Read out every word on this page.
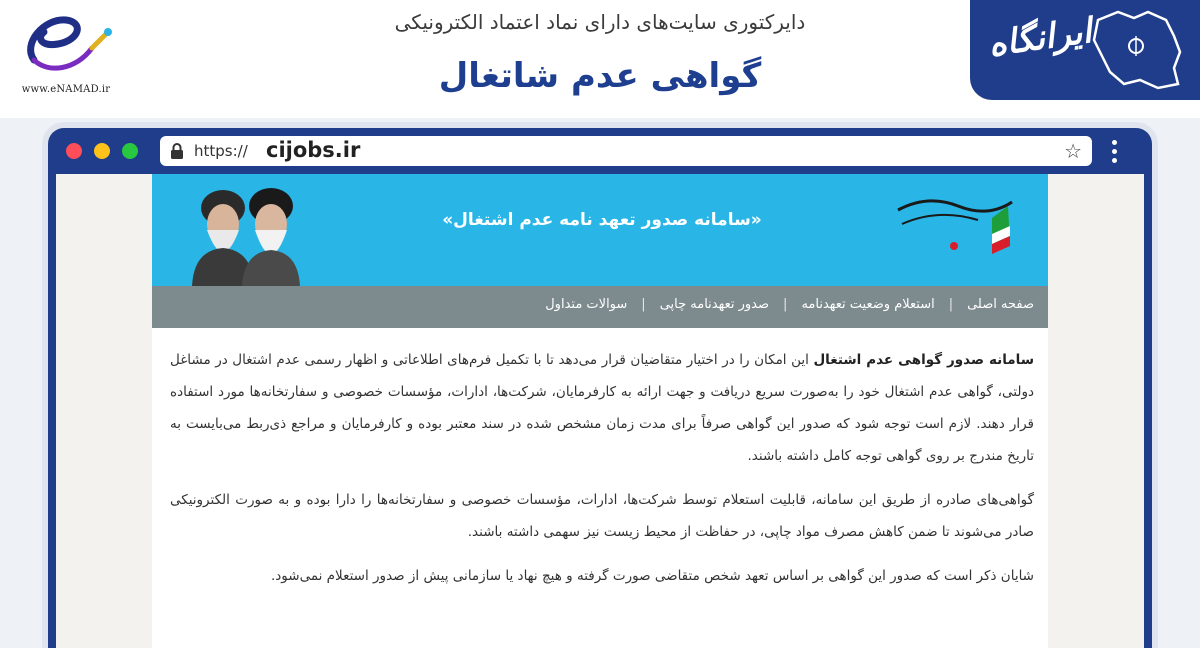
www.eNAMAD.ir
دایرکتوری سایت‌های دارای نماد اعتماد الکترونیکی
گواهی عدم شاتغال
ایرانگاه
https:// cijobs.ir	☆
«سامانه صدور تعهد نامه عدم اشتغال»
صفحه اصلی
|
استعلام وضعیت تعهدنامه
|
صدور تعهدنامه چاپی
|
سوالات متداول

سامانه صدور گواهی عدم اشتغال این امکان را در اختیار متقاضیان قرار می‌دهد تا با تکمیل فرم‌های اطلاعاتی و اظهار رسمی عدم اشتغال در مشاغل دولتی، گواهی عدم اشتغال خود را به‌صورت سریع دریافت و جهت ارائه به کارفرمایان، شرکت‌ها، ادارات، مؤسسات خصوصی و سفارتخانه‌ها مورد استفاده قرار دهند. لازم است توجه شود که صدور این گواهی صرفاً برای مدت زمان مشخص شده در سند معتبر بوده و کارفرمایان و مراجع ذی‌ربط می‌بایست به تاریخ مندرج بر روی گواهی توجه کامل داشته باشند.

گواهی‌های صادره از طریق این سامانه، قابلیت استعلام توسط شرکت‌ها، ادارات، مؤسسات خصوصی و سفارتخانه‌ها را دارا بوده و به صورت الکترونیکی صادر می‌شوند تا ضمن کاهش مصرف مواد چاپی، در حفاظت از محیط زیست نیز سهمی داشته باشند.

شایان ذکر است که صدور این گواهی بر اساس تعهد شخص متقاضی صورت گرفته و هیچ نهاد یا سازمانی پیش از صدور استعلام نمی‌شود.
